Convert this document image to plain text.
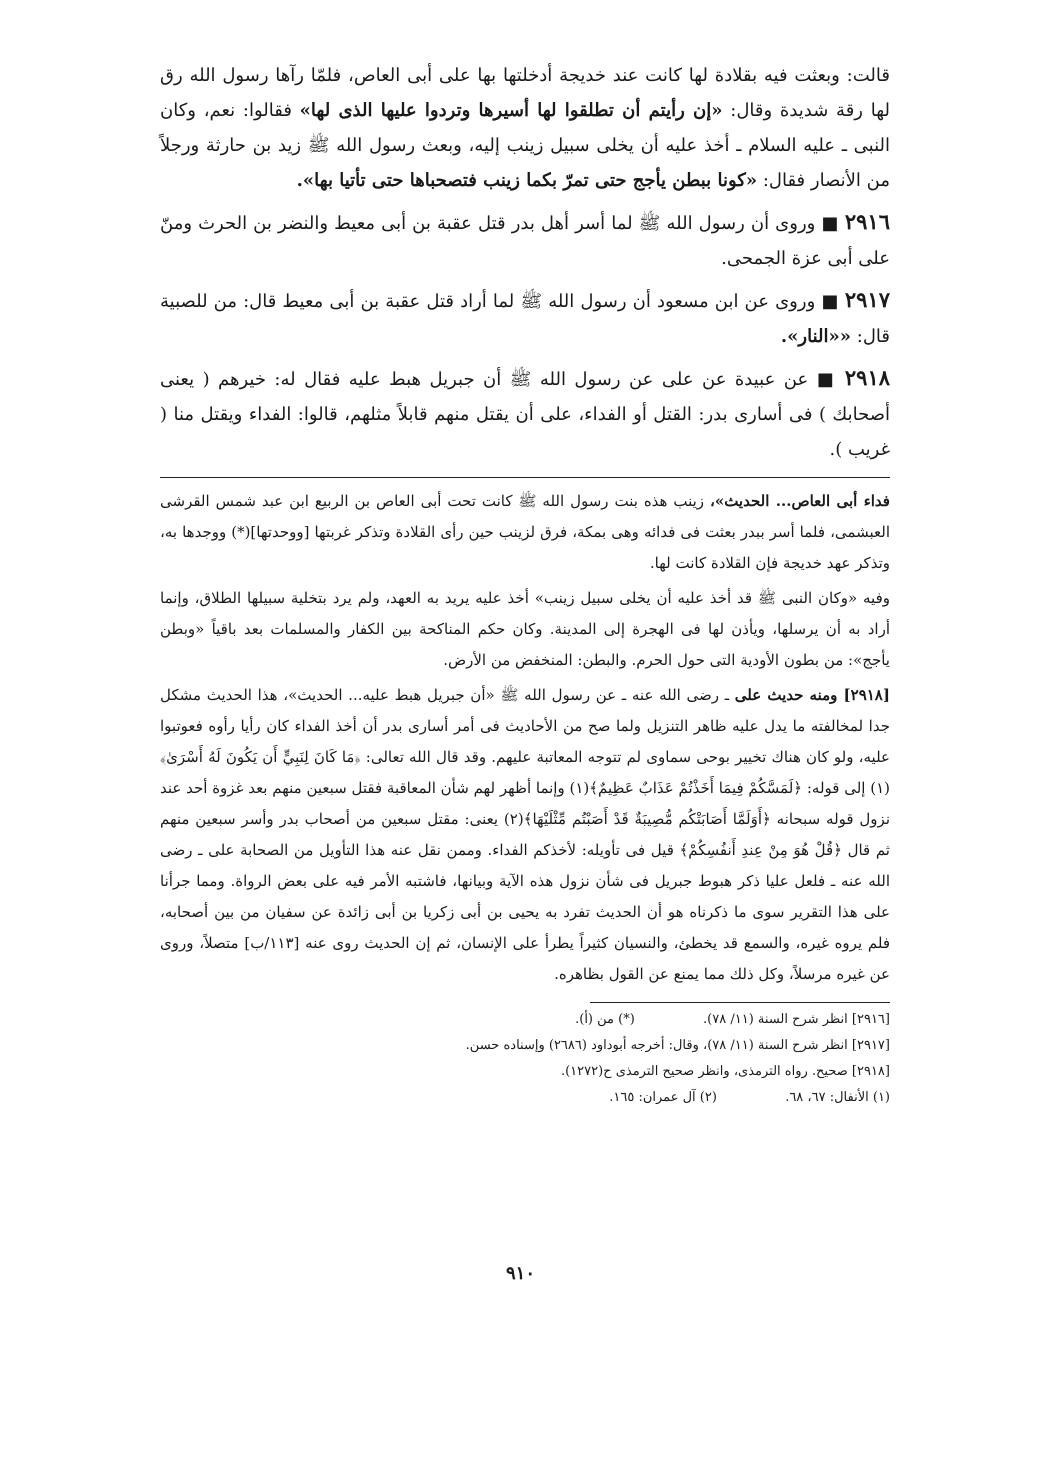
قالت: وبعثت فيه بقلادة لها كانت عند خديجة أدخلتها بها على أبى العاص، فلمّا رآها رسول الله رق لها رقة شديدة وقال: «إن رأيتم أن تطلقوا لها أسيرها وتردوا عليها الذى لها» فقالوا: نعم، وكان النبى ـ عليه السلام ـ أخذ عليه أن يخلى سبيل زينب إليه، وبعث رسول الله ﷺ زيد بن حارثة ورجلاً من الأنصار فقال: «كونا ببطن يأجج حتى تمرّ بكما زينب فتصحباها حتى تأتيا بها».

٢٩١٦ ■ وروى أن رسول الله ﷺ لما أسر أهل بدر قتل عقبة بن أبى معيط والنضر بن الحرث ومنّ على أبى عزة الجمحى.

٢٩١٧ ■ وروى عن ابن مسعود أن رسول الله ﷺ لما أراد قتل عقبة بن أبى معيط قال: من للصبية قال: ««النار».

٢٩١٨ ■ عن عبيدة عن على عن رسول الله ﷺ أن جبريل هبط عليه فقال له: خيرهم ( يعنى أصحابك ) فى أسارى بدر: القتل أو الفداء، على أن يقتل منهم قابلاً مثلهم، قالوا: الفداء ويقتل منا ( غريب ).

فداء أبى العاص... الحديث»، زينب هذه بنت رسول الله ﷺ كانت تحت أبى العاص بن الربيع ابن عبد شمس القرشى العبشمى، فلما أسر ببدر بعثت فى فدائه وهى بمكة، فرق لزينب حين رأى القلادة وتذكر غربتها [ووحدتها](*) ووجدها به، وتذكر عهد خديجة فإن القلادة كانت لها.

وفيه «وكان النبى ﷺ قد أخذ عليه أن يخلى سبيل زينب» أخذ عليه يريد به العهد، ولم يرد بتخلية سبيلها الطلاق، وإنما أراد به أن يرسلها، ويأذن لها فى الهجرة إلى المدينة. وكان حكم المناكحة بين الكفار والمسلمات بعد باقياً «وبطن يأجج»: من بطون الأودية التى حول الحرم. والبطن: المنخفض من الأرض.

[٢٩١٨] ومنه حديث على ـ رضى الله عنه ـ عن رسول الله ﷺ «أن جبريل هبط عليه... الحديث»، هذا الحديث مشكل جدا لمخالفته ما يدل عليه ظاهر التنزيل ولما صح من الأحاديث فى أمر أسارى بدر أن أخذ الفداء كان رأيا رأوه فعوتبوا عليه، ولو كان هناك تخيير بوحى سماوى لم تتوجه المعاتبة عليهم. وقد قال الله تعالى: ﴿مَا كَانَ لِنَبِيٍّ أَن يَكُونَ لَهُ أَسْرَىٰ﴾(١) إلى قوله: ﴿لَمَسَّكُمْ فِيمَا أَخَذْتُمْ عَذَابٌ عَظِيمٌ﴾(١) وإنما أظهر لهم شأن المعاقبة فقتل سبعين منهم بعد غزوة أحد عند نزول قوله سبحانه ﴿أَوَلَمَّا أَصَابَتْكُم مُّصِيبَةٌ قَدْ أَصَبْتُم مِّثْلَيْهَا﴾(٢) يعنى: مقتل سبعين من أصحاب بدر وأسر سبعين منهم ثم قال ﴿قُلْ هُوَ مِنْ عِندِ أَنفُسِكُمْ﴾ قيل فى تأويله: لأخذكم الفداء. وممن نقل عنه هذا التأويل من الصحابة على ـ رضى الله عنه ـ فلعل عليا ذكر هبوط جبريل فى شأن نزول هذه الآية وبيانها، فاشتبه الأمر فيه على بعض الرواة. ومما جرأنا على هذا التقرير سوى ما ذكرناه هو أن الحديث تفرد به يحيى بن أبى زكريا بن أبى زائدة عن سفيان من بين أصحابه، فلم يروه غيره، والسمع قد يخطئ، والنسيان كثيراً يطرأ على الإنسان، ثم إن الحديث روى عنه [١١٣/ب] متصلاً، وروى عن غيره مرسلاً، وكل ذلك مما يمنع عن القول بظاهره.

[٢٩١٦] انظر شرح السنة (١١/ ٧٨).  (*) من (أ).

[٢٩١٧] انظر شرح السنة (١١/ ٧٨)، وقال: أخرجه أبوداود (٢٦٨٦) وإسناده حسن.

[٢٩١٨] صحيح. رواه الترمذى، وانظر صحيح الترمذى ح(١٢٧٢).

(١) الأنفال: ٦٧، ٦٨.  (٢) آل عمران: ١٦٥.

٩١٠
